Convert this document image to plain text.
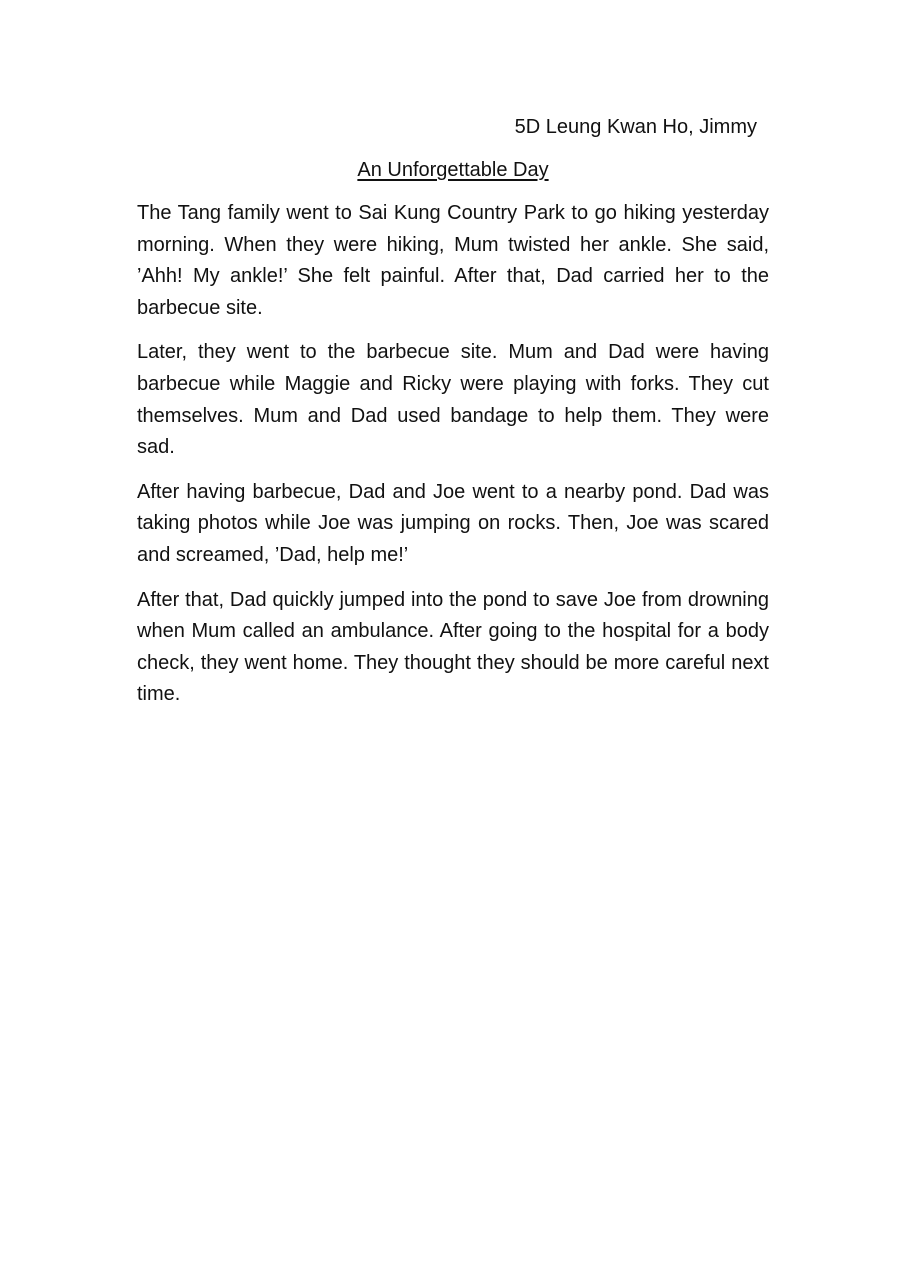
5D Leung Kwan Ho, Jimmy
An Unforgettable Day

The Tang family went to Sai Kung Country Park to go hiking yesterday morning. When they were hiking, Mum twisted her ankle. She said, ’Ahh! My ankle!’ She felt painful. After that, Dad carried her to the barbecue site.

Later, they went to the barbecue site. Mum and Dad were having barbecue while Maggie and Ricky were playing with forks. They cut themselves. Mum and Dad used bandage to help them. They were sad.

After having barbecue, Dad and Joe went to a nearby pond. Dad was taking photos while Joe was jumping on rocks. Then, Joe was scared and screamed, ’Dad, help me!’

After that, Dad quickly jumped into the pond to save Joe from drowning when Mum called an ambulance. After going to the hospital for a body check, they went home. They thought they should be more careful next time.
